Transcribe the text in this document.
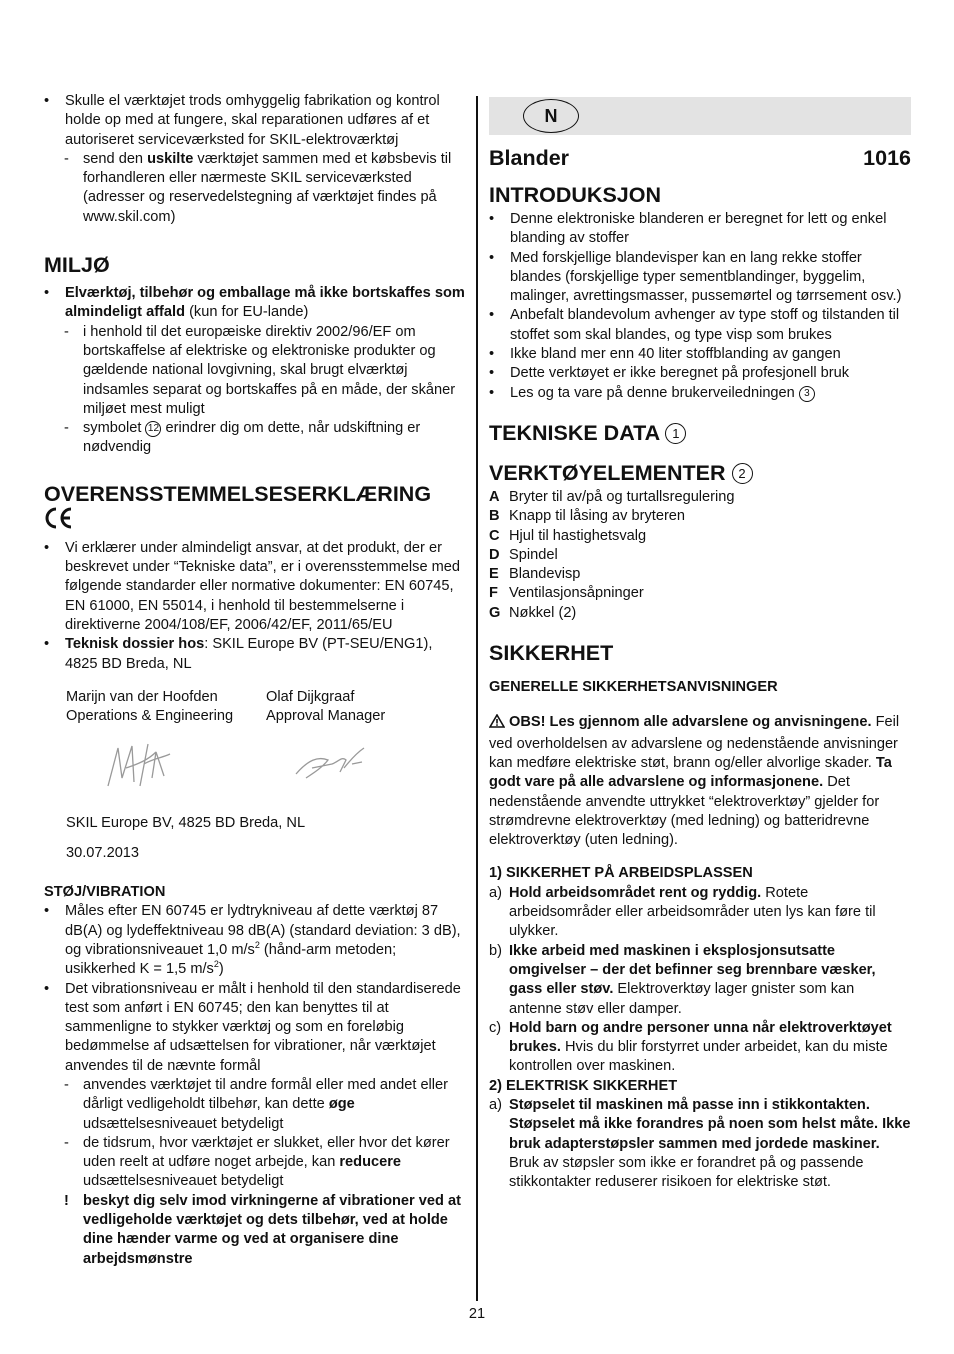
• Skulle el værktøjet trods omhyggelig fabrikation og kontrol holde op med at fungere, skal reparationen udføres af et autoriseret serviceværksted for SKIL-elektroværktøj
- send den uskilte værktøjet sammen med et købsbevis til forhandleren eller nærmeste SKIL serviceværksted (adresser og reservedelstegning af værktøjet findes på www.skil.com)
MILJØ
• Elværktøj, tilbehør og emballage må ikke bortskaffes som almindeligt affald (kun for EU-lande)
- i henhold til det europæiske direktiv 2002/96/EF om bortskaffelse af elektriske og elektroniske produkter og gældende national lovgivning, skal brugt elværktøj indsamles separat og bortskaffes på en måde, der skåner miljøet mest muligt
- symbolet 12 erindrer dig om dette, når udskiftning er nødvendig
OVERENSSTEMMELSESERKLÆRING
• Vi erklærer under almindeligt ansvar, at det produkt, der er beskrevet under “Tekniske data”, er i overensstemmelse med følgende standarder eller normative dokumenter: EN 60745, EN 61000, EN 55014, i henhold til bestemmelserne i direktiverne 2004/108/EF, 2006/42/EF, 2011/65/EU
• Teknisk dossier hos: SKIL Europe BV (PT-SEU/ENG1), 4825 BD Breda, NL
Marijn van der Hoofden
Operations & Engineering
Olaf Dijkgraaf
Approval Manager
SKIL Europe BV, 4825 BD Breda, NL
30.07.2013
STØJ/VIBRATION
• Måles efter EN 60745 er lydtrykniveau af dette værktøj 87 dB(A) og lydeffektniveau 98 dB(A) (standard deviation: 3 dB), og vibrationsniveauet 1,0 $m/s^2$ (hånd-arm metoden; usikkerhed K = 1,5 $m/s^2$)
• Det vibrationsniveau er målt i henhold til den standardiserede test som anført i EN 60745; den kan benyttes til at sammenligne to stykker værktøj og som en foreløbig bedømmelse af udsættelsen for vibrationer, når værktøjet anvendes til de nævnte formål
- anvendes værktøjet til andre formål eller med andet eller dårligt vedligeholdt tilbehør, kan dette øge udsættelsesniveauet betydeligt
- de tidsrum, hvor værktøjet er slukket, eller hvor det kører uden reelt at udføre noget arbejde, kan reducere udsættelsesniveauet betydeligt
! beskyt dig selv imod virkningerne af vibrationer ved at vedligeholde værktøjet og dets tilbehør, ved at holde dine hænder varme og ved at organisere dine arbejdsmønstre
N
Blander	1016
INTRODUKSJON
• Denne elektroniske blanderen er beregnet for lett og enkel blanding av stoffer
• Med forskjellige blandevisper kan en lang rekke stoffer blandes (forskjellige typer sementblandinger, byggelim, malinger, avrettingsmasser, pussemørtel og tørrsement osv.)
• Anbefalt blandevolum avhenger av type stoff og tilstanden til stoffet som skal blandes, og type visp som brukes
• Ikke bland mer enn 40 liter stoffblanding av gangen
• Dette verktøyet er ikke beregnet på profesjonell bruk
• Les og ta vare på denne brukerveiledningen 3
TEKNISKE DATA 1
VERKTØYELEMENTER 2
A Bryter til av/på og turtallsregulering
B Knapp til låsing av bryteren
C Hjul til hastighetsvalg
D Spindel
E Blandevisp
F Ventilasjonsåpninger
G Nøkkel (2)
SIKKERHET
GENERELLE SIKKERHETSANVISNINGER
OBS! Les gjennom alle advarslene og anvisningene. Feil ved overholdelsen av advarslene og nedenstående anvisninger kan medføre elektriske støt, brann og/eller alvorlige skader. Ta godt vare på alle advarslene og informasjonene. Det nedenstående anvendte uttrykket “elektroverktøy” gjelder for strømdrevne elektroverktøy (med ledning) og batteridrevne elektroverktøy (uten ledning).
1) SIKKERHET PÅ ARBEIDSPLASSEN
a) Hold arbeidsområdet rent og ryddig. Rotete arbeidsområder eller arbeidsområder uten lys kan føre til ulykker.
b) Ikke arbeid med maskinen i eksplosjonsutsatte omgivelser – der det befinner seg brennbare væsker, gass eller støv. Elektroverktøy lager gnister som kan antenne støv eller damper.
c) Hold barn og andre personer unna når elektroverktøyet brukes. Hvis du blir forstyrret under arbeidet, kan du miste kontrollen over maskinen.
2) ELEKTRISK SIKKERHET
a) Støpselet til maskinen må passe inn i stikkontakten. Støpselet må ikke forandres på noen som helst måte. Ikke bruk adapterstøpsler sammen med jordede maskiner. Bruk av støpsler som ikke er forandret på og passende stikkontakter reduserer risikoen for elektriske støt.
21
